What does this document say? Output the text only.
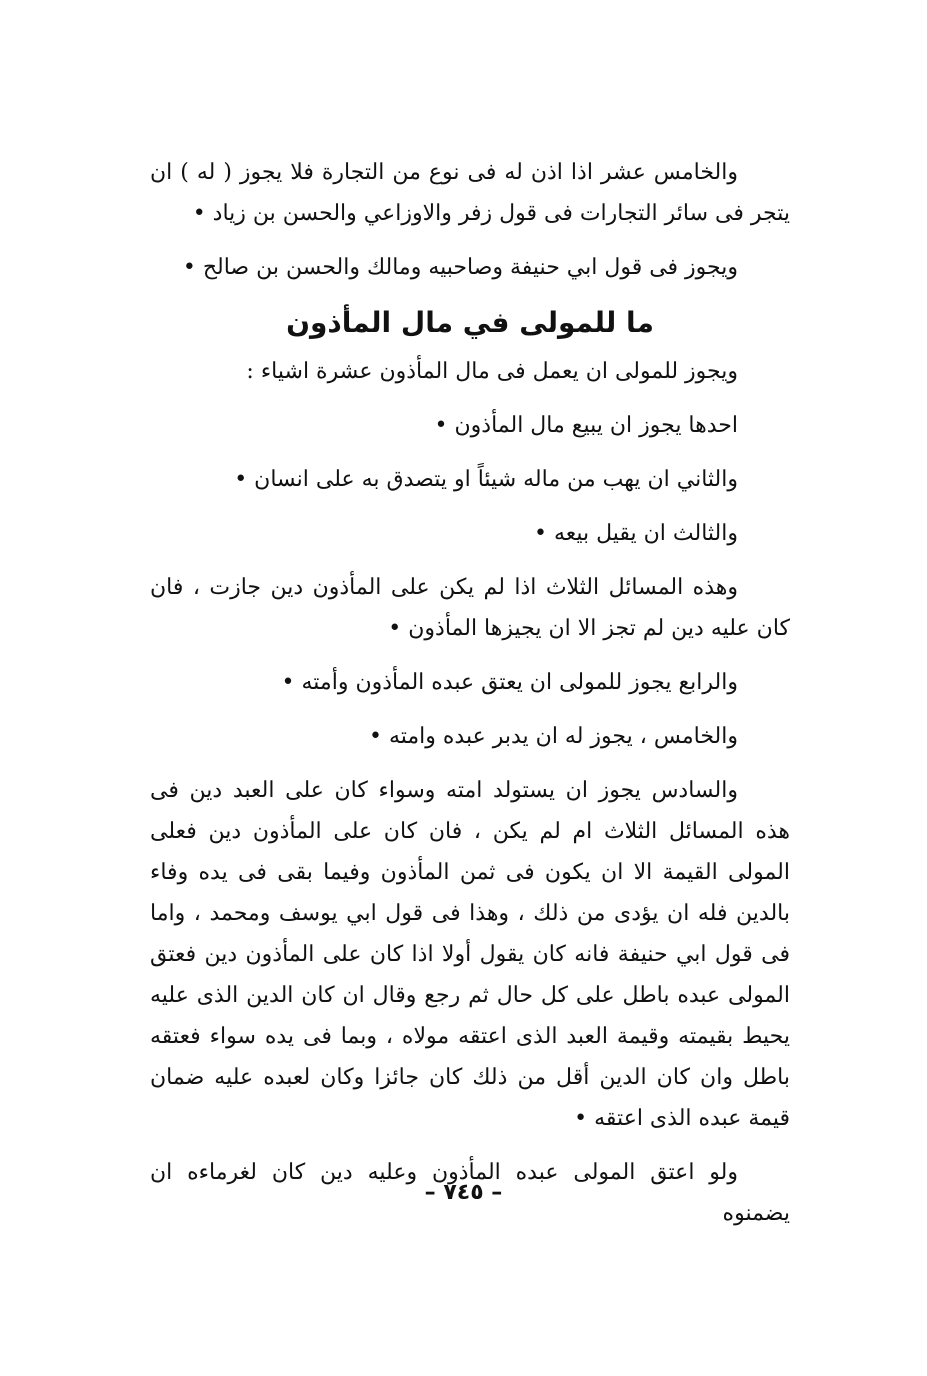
والخامس عشر اذا اذن له فى نوع من التجارة فلا يجوز ( له ) ان يتجر فى سائر التجارات فى قول زفر والاوزاعي والحسن بن زياد •

ويجوز فى قول ابي حنيفة وصاحبيه ومالك والحسن بن صالح •

ما للمولى في مال المأذون

ويجوز للمولى ان يعمل فى مال المأذون عشرة اشياء :

احدها يجوز ان يبيع مال المأذون •

والثاني ان يهب من ماله شيئاً او يتصدق به على انسان •

والثالث ان يقيل بيعه •

وهذه المسائل الثلاث اذا لم يكن على المأذون دين جازت ، فان كان عليه دين لم تجز الا ان يجيزها المأذون •

والرابع يجوز للمولى ان يعتق عبده المأذون وأمته •

والخامس ، يجوز له ان يدبر عبده وامته •

والسادس يجوز ان يستولد امته وسواء كان على العبد دين فى هذه المسائل الثلاث ام لم يكن ، فان كان على المأذون دين فعلى المولى القيمة الا ان يكون فى ثمن المأذون وفيما بقى فى يده وفاء بالدين فله ان يؤدى من ذلك ، وهذا فى قول ابي يوسف ومحمد ، واما فى قول ابي حنيفة فانه كان يقول أولا اذا كان على المأذون دين فعتق المولى عبده باطل على كل حال ثم رجع وقال ان كان الدين الذى عليه يحيط بقيمته وقيمة العبد الذى اعتقه مولاه ، وبما فى يده سواء فعتقه باطل وان كان الدين أقل من ذلك كان جائزا وكان لعبده عليه ضمان قيمة عبده الذى اعتقه •

ولو اعتق المولى عبده المأذون وعليه دين كان لغرماءه ان يضمنوه

– ٧٤٥ –
